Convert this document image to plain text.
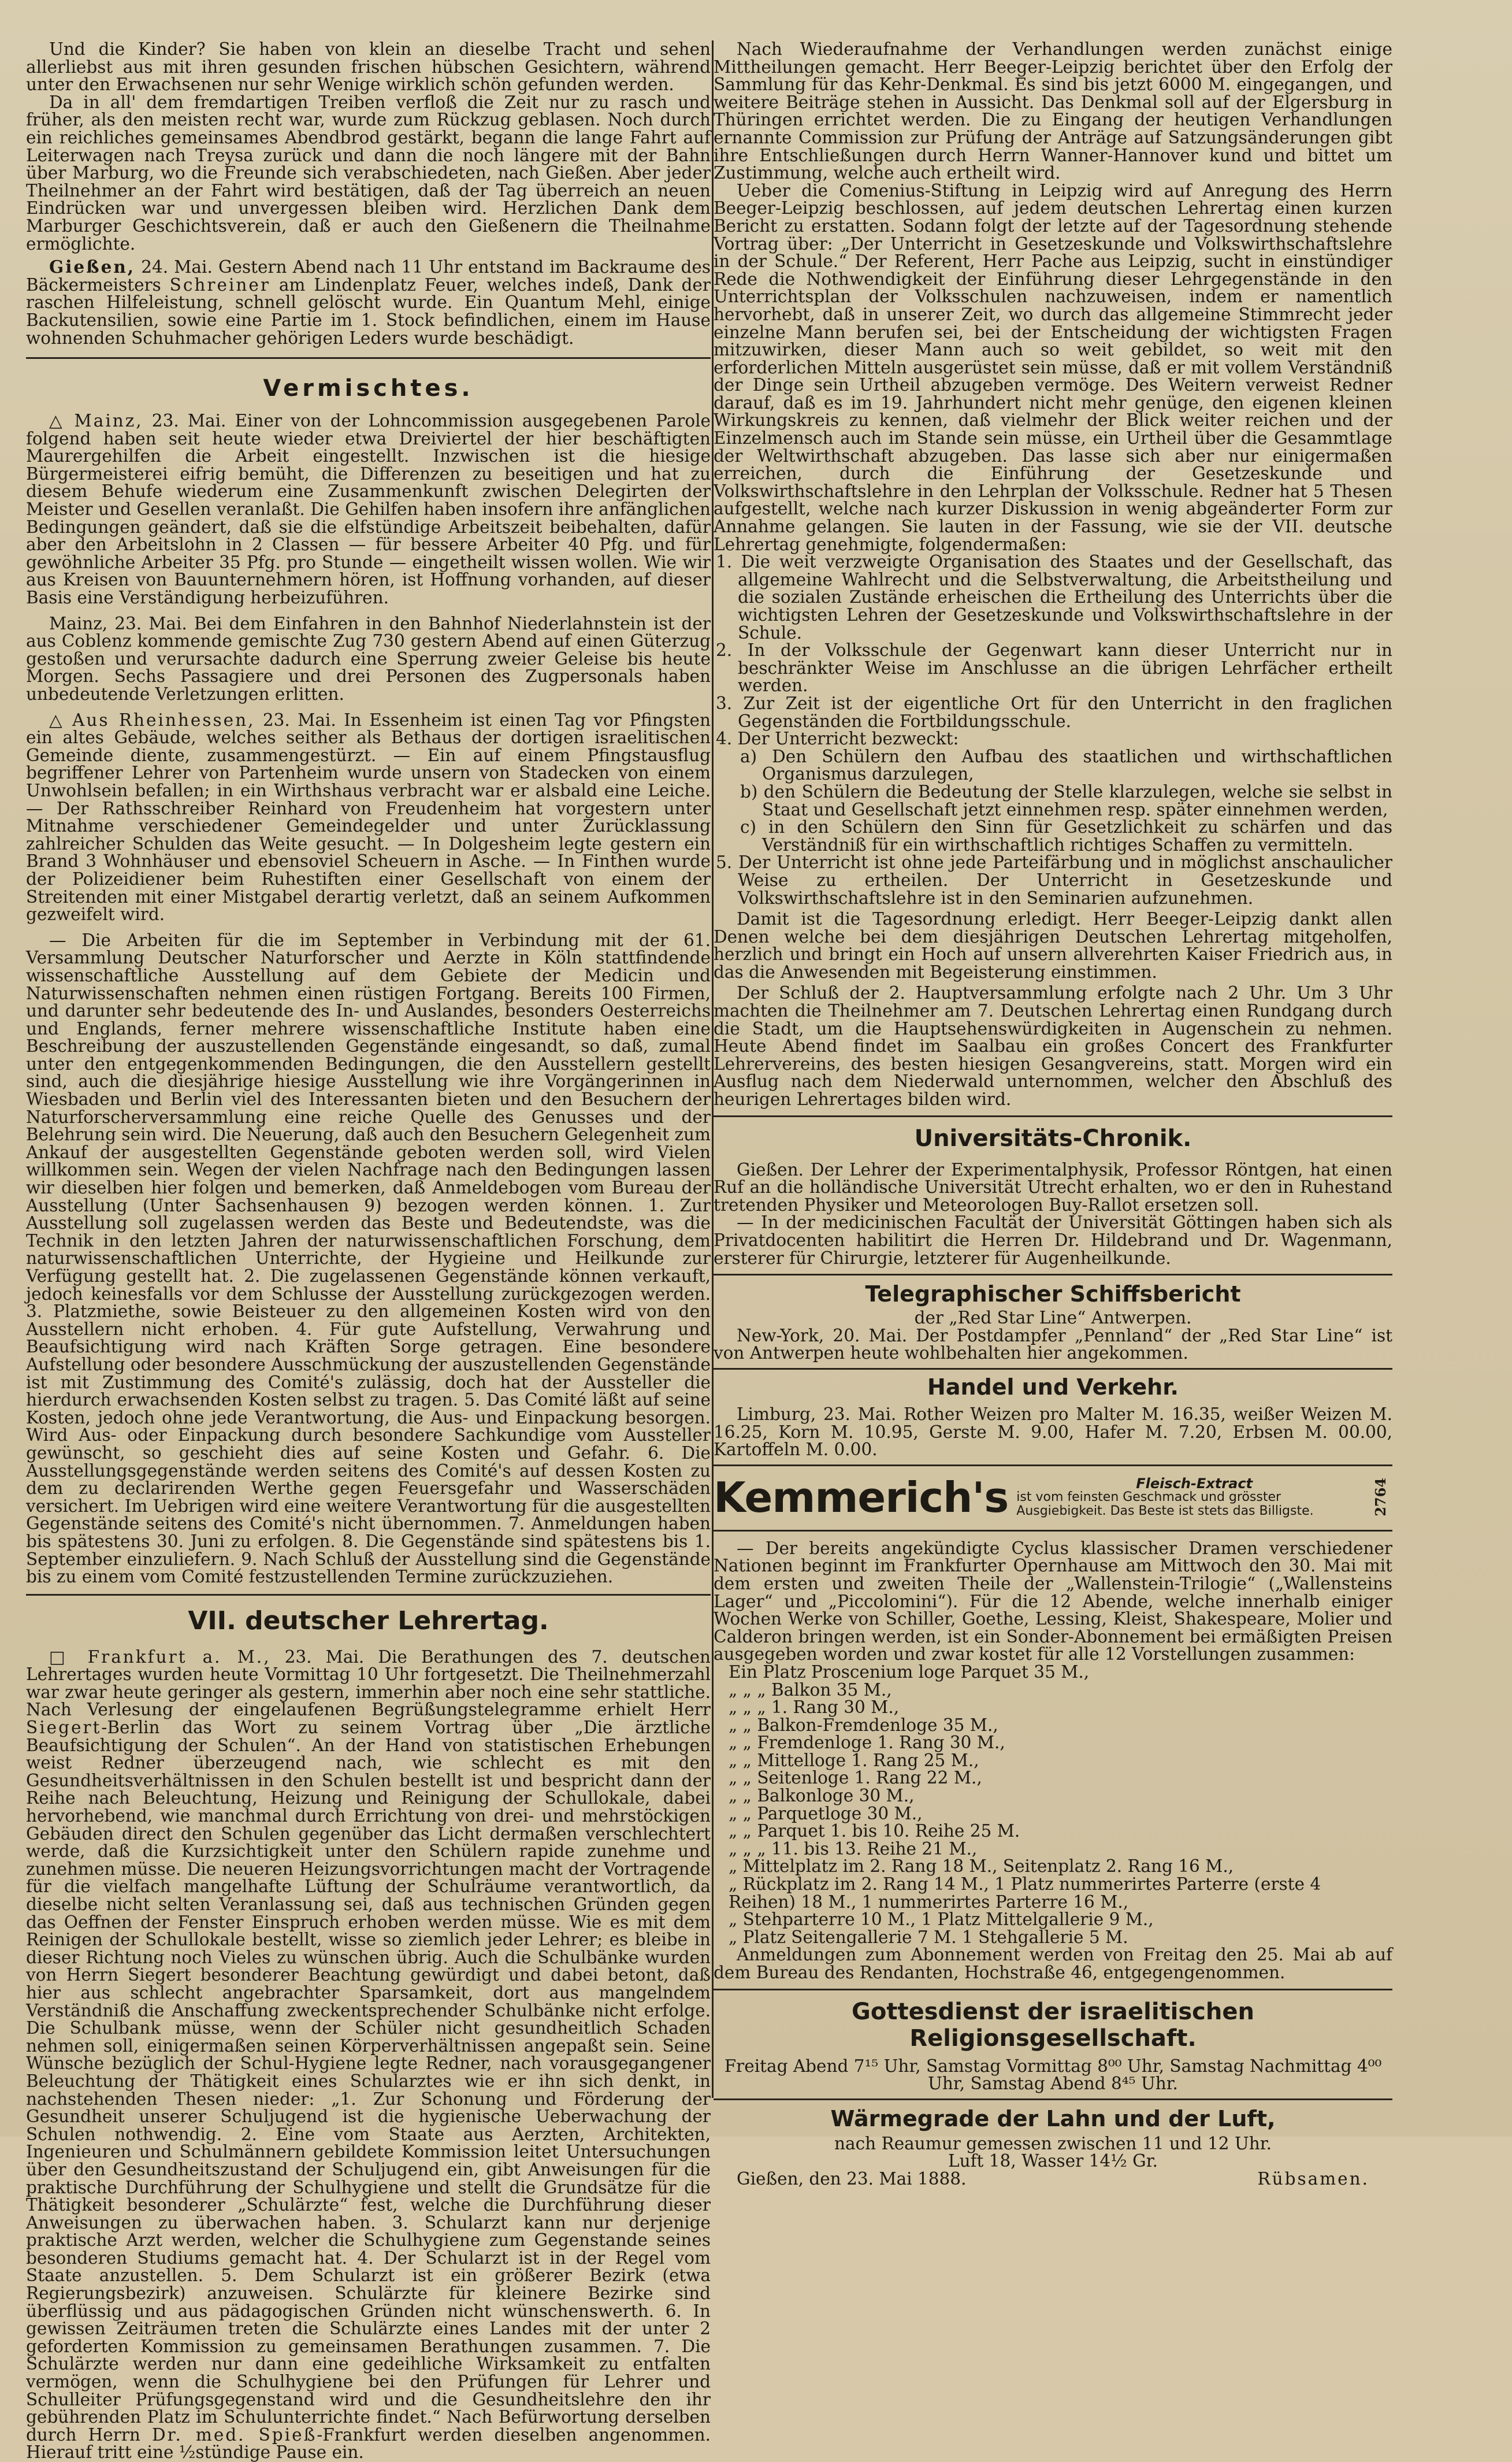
Und die Kinder? Sie haben von klein an dieselbe Tracht und sehen allerliebst aus mit ihren gesunden frischen hübschen Gesichtern, während unter den Erwachsenen nur sehr Wenige wirklich schön gefunden werden.

Da in all' dem fremdartigen Treiben verfloß die Zeit nur zu rasch und früher, als den meisten recht war, wurde zum Rückzug geblasen. Noch durch ein reichliches gemeinsames Abendbrod gestärkt, begann die lange Fahrt auf Leiterwagen nach Treysa zurück und dann die noch längere mit der Bahn über Marburg, wo die Freunde sich verabschiedeten, nach Gießen. Aber jeder Theilnehmer an der Fahrt wird bestätigen, daß der Tag überreich an neuen Eindrücken war und unvergessen bleiben wird. Herzlichen Dank dem Marburger Geschichtsverein, daß er auch den Gießenern die Theilnahme ermöglichte.

Gießen, 24. Mai. Gestern Abend nach 11 Uhr entstand im Backraume des Bäckermeisters Schreiner am Lindenplatz Feuer, welches indeß, Dank der raschen Hilfeleistung, schnell gelöscht wurde. Ein Quantum Mehl, einige Backutensilien, sowie eine Partie im 1. Stock befindlichen, einem im Hause wohnenden Schuhmacher gehörigen Leders wurde beschädigt.

Vermischtes.

△ Mainz, 23. Mai. Einer von der Lohncommission ausgegebenen Parole folgend haben seit heute wieder etwa Dreiviertel der hier beschäftigten Maurergehilfen die Arbeit eingestellt. Inzwischen ist die hiesige Bürgermeisterei eifrig bemüht, die Differenzen zu beseitigen und hat zu diesem Behufe wiederum eine Zusammenkunft zwischen Delegirten der Meister und Gesellen veranlaßt. Die Gehilfen haben insofern ihre anfänglichen Bedingungen geändert, daß sie die elfstündige Arbeitszeit beibehalten, dafür aber den Arbeitslohn in 2 Classen — für bessere Arbeiter 40 Pfg. und für gewöhnliche Arbeiter 35 Pfg. pro Stunde — eingetheilt wissen wollen. Wie wir aus Kreisen von Bauunternehmern hören, ist Hoffnung vorhanden, auf dieser Basis eine Verständigung herbeizuführen.

Mainz, 23. Mai. Bei dem Einfahren in den Bahnhof Niederlahnstein ist der aus Coblenz kommende gemischte Zug 730 gestern Abend auf einen Güterzug gestoßen und verursachte dadurch eine Sperrung zweier Geleise bis heute Morgen. Sechs Passagiere und drei Personen des Zugpersonals haben unbedeutende Verletzungen erlitten.

△ Aus Rheinhessen, 23. Mai. In Essenheim ist einen Tag vor Pfingsten ein altes Gebäude, welches seither als Bethaus der dortigen israelitischen Gemeinde diente, zusammengestürzt. — Ein auf einem Pfingstausflug begriffener Lehrer von Partenheim wurde unsern von Stadecken von einem Unwohlsein befallen; in ein Wirthshaus verbracht war er alsbald eine Leiche. — Der Rathsschreiber Reinhard von Freudenheim hat vorgestern unter Mitnahme verschiedener Gemeindegelder und unter Zurücklassung zahlreicher Schulden das Weite gesucht. — In Dolgesheim legte gestern ein Brand 3 Wohnhäuser und ebensoviel Scheuern in Asche. — In Finthen wurde der Polizeidiener beim Ruhestiften einer Gesellschaft von einem der Streitenden mit einer Mistgabel derartig verletzt, daß an seinem Aufkommen gezweifelt wird.

— Die Arbeiten für die im September in Verbindung mit der 61. Versammlung Deutscher Naturforscher und Aerzte in Köln stattfindende wissenschaftliche Ausstellung auf dem Gebiete der Medicin und Naturwissenschaften nehmen einen rüstigen Fortgang. Bereits 100 Firmen, und darunter sehr bedeutende des In- und Auslandes, besonders Oesterreichs und Englands, ferner mehrere wissenschaftliche Institute haben eine Beschreibung der auszustellenden Gegenstände eingesandt, so daß, zumal unter den entgegenkommenden Bedingungen, die den Ausstellern gestellt sind, auch die diesjährige hiesige Ausstellung wie ihre Vorgängerinnen in Wiesbaden und Berlin viel des Interessanten bieten und den Besuchern der Naturforscherversammlung eine reiche Quelle des Genusses und der Belehrung sein wird. Die Neuerung, daß auch den Besuchern Gelegenheit zum Ankauf der ausgestellten Gegenstände geboten werden soll, wird Vielen willkommen sein. Wegen der vielen Nachfrage nach den Bedingungen lassen wir dieselben hier folgen und bemerken, daß Anmeldebogen vom Bureau der Ausstellung (Unter Sachsenhausen 9) bezogen werden können. 1. Zur Ausstellung soll zugelassen werden das Beste und Bedeutendste, was die Technik in den letzten Jahren der naturwissenschaftlichen Forschung, dem naturwissenschaftlichen Unterrichte, der Hygieine und Heilkunde zur Verfügung gestellt hat. 2. Die zugelassenen Gegenstände können verkauft, jedoch keinesfalls vor dem Schlusse der Ausstellung zurückgezogen werden. 3. Platzmiethe, sowie Beisteuer zu den allgemeinen Kosten wird von den Ausstellern nicht erhoben. 4. Für gute Aufstellung, Verwahrung und Beaufsichtigung wird nach Kräften Sorge getragen. Eine besondere Aufstellung oder besondere Ausschmückung der auszustellenden Gegenstände ist mit Zustimmung des Comité's zulässig, doch hat der Aussteller die hierdurch erwachsenden Kosten selbst zu tragen. 5. Das Comité läßt auf seine Kosten, jedoch ohne jede Verantwortung, die Aus- und Einpackung besorgen. Wird Aus- oder Einpackung durch besondere Sachkundige vom Aussteller gewünscht, so geschieht dies auf seine Kosten und Gefahr. 6. Die Ausstellungsgegenstände werden seitens des Comité's auf dessen Kosten zu dem zu declarirenden Werthe gegen Feuersgefahr und Wasserschäden versichert. Im Uebrigen wird eine weitere Verantwortung für die ausgestellten Gegenstände seitens des Comité's nicht übernommen. 7. Anmeldungen haben bis spätestens 30. Juni zu erfolgen. 8. Die Gegenstände sind spätestens bis 1. September einzuliefern. 9. Nach Schluß der Ausstellung sind die Gegenstände bis zu einem vom Comité festzustellenden Termine zurückzuziehen.

VII. deutscher Lehrertag.

□ Frankfurt a. M., 23. Mai. Die Berathungen des 7. deutschen Lehrertages wurden heute Vormittag 10 Uhr fortgesetzt. Die Theilnehmerzahl war zwar heute geringer als gestern, immerhin aber noch eine sehr stattliche. Nach Verlesung der eingelaufenen Begrüßungstelegramme erhielt Herr Siegert-Berlin das Wort zu seinem Vortrag über „Die ärztliche Beaufsichtigung der Schulen“. An der Hand von statistischen Erhebungen weist Redner überzeugend nach, wie schlecht es mit den Gesundheitsverhältnissen in den Schulen bestellt ist und bespricht dann der Reihe nach Beleuchtung, Heizung und Reinigung der Schullokale, dabei hervorhebend, wie manchmal durch Errichtung von drei- und mehrstöckigen Gebäuden direct den Schulen gegenüber das Licht dermaßen verschlechtert werde, daß die Kurzsichtigkeit unter den Schülern rapide zunehme und zunehmen müsse. Die neueren Heizungsvorrichtungen macht der Vortragende für die vielfach mangelhafte Lüftung der Schulräume verantwortlich, da dieselbe nicht selten Veranlassung sei, daß aus technischen Gründen gegen das Oeffnen der Fenster Einspruch erhoben werden müsse. Wie es mit dem Reinigen der Schullokale bestellt, wisse so ziemlich jeder Lehrer; es bleibe in dieser Richtung noch Vieles zu wünschen übrig. Auch die Schulbänke wurden von Herrn Siegert besonderer Beachtung gewürdigt und dabei betont, daß hier aus schlecht angebrachter Sparsamkeit, dort aus mangelndem Verständniß die Anschaffung zweckentsprechender Schulbänke nicht erfolge. Die Schulbank müsse, wenn der Schüler nicht gesundheitlich Schaden nehmen soll, einigermaßen seinen Körperverhältnissen angepaßt sein. Seine Wünsche bezüglich der Schul-Hygiene legte Redner, nach vorausgegangener Beleuchtung der Thätigkeit eines Schularztes wie er ihn sich denkt, in nachstehenden Thesen nieder: „1. Zur Schonung und Förderung der Gesundheit unserer Schuljugend ist die hygienische Ueberwachung der Schulen nothwendig. 2. Eine vom Staate aus Aerzten, Architekten, Ingenieuren und Schulmännern gebildete Kommission leitet Untersuchungen über den Gesundheitszustand der Schuljugend ein, gibt Anweisungen für die praktische Durchführung der Schulhygiene und stellt die Grundsätze für die Thätigkeit besonderer „Schulärzte“ fest, welche die Durchführung dieser Anweisungen zu überwachen haben. 3. Schularzt kann nur derjenige praktische Arzt werden, welcher die Schulhygiene zum Gegenstande seines besonderen Studiums gemacht hat. 4. Der Schularzt ist in der Regel vom Staate anzustellen. 5. Dem Schularzt ist ein größerer Bezirk (etwa Regierungsbezirk) anzuweisen. Schulärzte für kleinere Bezirke sind überflüssig und aus pädagogischen Gründen nicht wünschenswerth. 6. In gewissen Zeiträumen treten die Schulärzte eines Landes mit der unter 2 geforderten Kommission zu gemeinsamen Berathungen zusammen. 7. Die Schulärzte werden nur dann eine gedeihliche Wirksamkeit zu entfalten vermögen, wenn die Schulhygiene bei den Prüfungen für Lehrer und Schulleiter Prüfungsgegenstand wird und die Gesundheitslehre den ihr gebührenden Platz im Schulunterrichte findet.“ Nach Befürwortung derselben durch Herrn Dr. med. Spieß-Frankfurt werden dieselben angenommen. Hierauf tritt eine ½stündige Pause ein.

Nach Wiederaufnahme der Verhandlungen werden zunächst einige Mittheilungen gemacht. Herr Beeger-Leipzig berichtet über den Erfolg der Sammlung für das Kehr-Denkmal. Es sind bis jetzt 6000 M. eingegangen, und weitere Beiträge stehen in Aussicht. Das Denkmal soll auf der Elgersburg in Thüringen errichtet werden. Die zu Eingang der heutigen Verhandlungen ernannte Commission zur Prüfung der Anträge auf Satzungsänderungen gibt ihre Entschließungen durch Herrn Wanner-Hannover kund und bittet um Zustimmung, welche auch ertheilt wird.

Ueber die Comenius-Stiftung in Leipzig wird auf Anregung des Herrn Beeger-Leipzig beschlossen, auf jedem deutschen Lehrertag einen kurzen Bericht zu erstatten. Sodann folgt der letzte auf der Tagesordnung stehende Vortrag über: „Der Unterricht in Gesetzeskunde und Volkswirthschaftslehre in der Schule.“ Der Referent, Herr Pache aus Leipzig, sucht in einstündiger Rede die Nothwendigkeit der Einführung dieser Lehrgegenstände in den Unterrichtsplan der Volksschulen nachzuweisen, indem er namentlich hervorhebt, daß in unserer Zeit, wo durch das allgemeine Stimmrecht jeder einzelne Mann berufen sei, bei der Entscheidung der wichtigsten Fragen mitzuwirken, dieser Mann auch so weit gebildet, so weit mit den erforderlichen Mitteln ausgerüstet sein müsse, daß er mit vollem Verständniß der Dinge sein Urtheil abzugeben vermöge. Des Weitern verweist Redner darauf, daß es im 19. Jahrhundert nicht mehr genüge, den eigenen kleinen Wirkungskreis zu kennen, daß vielmehr der Blick weiter reichen und der Einzelmensch auch im Stande sein müsse, ein Urtheil über die Gesammtlage der Weltwirthschaft abzugeben. Das lasse sich aber nur einigermaßen erreichen, durch die Einführung der Gesetzeskunde und Volkswirthschaftslehre in den Lehrplan der Volksschule. Redner hat 5 Thesen aufgestellt, welche nach kurzer Diskussion in wenig abgeänderter Form zur Annahme gelangen. Sie lauten in der Fassung, wie sie der VII. deutsche Lehrertag genehmigte, folgendermaßen:

1. Die weit verzweigte Organisation des Staates und der Gesellschaft, das allgemeine Wahlrecht und die Selbstverwaltung, die Arbeitstheilung und die sozialen Zustände erheischen die Ertheilung des Unterrichts über die wichtigsten Lehren der Gesetzeskunde und Volkswirthschaftslehre in der Schule.
2. In der Volksschule der Gegenwart kann dieser Unterricht nur in beschränkter Weise im Anschlusse an die übrigen Lehrfächer ertheilt werden.
3. Zur Zeit ist der eigentliche Ort für den Unterricht in den fraglichen Gegenständen die Fortbildungsschule.
4. Der Unterricht bezweckt:
a) Den Schülern den Aufbau des staatlichen und wirthschaftlichen Organismus darzulegen,
b) den Schülern die Bedeutung der Stelle klarzulegen, welche sie selbst in Staat und Gesellschaft jetzt einnehmen resp. später einnehmen werden,
c) in den Schülern den Sinn für Gesetzlichkeit zu schärfen und das Verständniß für ein wirthschaftlich richtiges Schaffen zu vermitteln.
5. Der Unterricht ist ohne jede Parteifärbung und in möglichst anschaulicher Weise zu ertheilen. Der Unterricht in Gesetzeskunde und Volkswirthschaftslehre ist in den Seminarien aufzunehmen.

Damit ist die Tagesordnung erledigt. Herr Beeger-Leipzig dankt allen Denen welche bei dem diesjährigen Deutschen Lehrertag mitgeholfen, herzlich und bringt ein Hoch auf unsern allverehrten Kaiser Friedrich aus, in das die Anwesenden mit Begeisterung einstimmen.

Der Schluß der 2. Hauptversammlung erfolgte nach 2 Uhr. Um 3 Uhr machten die Theilnehmer am 7. Deutschen Lehrertag einen Rundgang durch die Stadt, um die Hauptsehenswürdigkeiten in Augenschein zu nehmen. Heute Abend findet im Saalbau ein großes Concert des Frankfurter Lehrervereins, des besten hiesigen Gesangvereins, statt. Morgen wird ein Ausflug nach dem Niederwald unternommen, welcher den Abschluß des heurigen Lehrertages bilden wird.

Universitäts-Chronik.

Gießen. Der Lehrer der Experimentalphysik, Professor Röntgen, hat einen Ruf an die holländische Universität Utrecht erhalten, wo er den in Ruhestand tretenden Physiker und Meteorologen Buy-Rallot ersetzen soll.

— In der medicinischen Facultät der Universität Göttingen haben sich als Privatdocenten habilitirt die Herren Dr. Hildebrand und Dr. Wagenmann, ersterer für Chirurgie, letzterer für Augenheilkunde.

Telegraphischer Schiffsbericht

der „Red Star Line“ Antwerpen.

New-York, 20. Mai. Der Postdampfer „Pennland“ der „Red Star Line“ ist von Antwerpen heute wohlbehalten hier angekommen.

Handel und Verkehr.

Limburg, 23. Mai. Rother Weizen pro Malter M. 16.35, weißer Weizen M. 16.25, Korn M. 10.95, Gerste M. 9.00, Hafer M. 7.20, Erbsen M. 00.00, Kartoffeln M. 0.00.

Kemmerich's	Fleisch-Extract
ist vom feinsten Geschmack und grösster Ausgiebigkeit. Das Beste ist stets das Billigste.	2764

— Der bereits angekündigte Cyclus klassischer Dramen verschiedener Nationen beginnt im Frankfurter Opernhause am Mittwoch den 30. Mai mit dem ersten und zweiten Theile der „Wallenstein-Trilogie“ („Wallensteins Lager“ und „Piccolomini“). Für die 12 Abende, welche innerhalb einiger Wochen Werke von Schiller, Goethe, Lessing, Kleist, Shakespeare, Molier und Calderon bringen werden, ist ein Sonder-Abonnement bei ermäßigten Preisen ausgegeben worden und zwar kostet für alle 12 Vorstellungen zusammen:

Ein Platz Proscenium loge Parquet 35 M.,
„ „ „ Balkon 35 M.,
„ „ „ 1. Rang 30 M.,
„ „ Balkon-Fremdenloge 35 M.,
„ „ Fremdenloge 1. Rang 30 M.,
„ „ Mittelloge 1. Rang 25 M.,
„ „ Seitenloge 1. Rang 22 M.,
„ „ Balkonloge 30 M.,
„ „ Parquetloge 30 M.,
„ „ Parquet 1. bis 10. Reihe 25 M.
„ „ „ 11. bis 13. Reihe 21 M.,
„ Mittelplatz im 2. Rang 18 M., Seitenplatz 2. Rang 16 M.,
„ Rückplatz im 2. Rang 14 M., 1 Platz nummerirtes Parterre (erste 4 Reihen) 18 M., 1 nummerirtes Parterre 16 M.,
„ Stehparterre 10 M., 1 Platz Mittelgallerie 9 M.,
„ Platz Seitengallerie 7 M. 1 Stehgallerie 5 M.

Anmeldungen zum Abonnement werden von Freitag den 25. Mai ab auf dem Bureau des Rendanten, Hochstraße 46, entgegengenommen.

Gottesdienst der israelitischen Religionsgesellschaft.

Freitag Abend 7¹⁵ Uhr, Samstag Vormittag 8⁰⁰ Uhr, Samstag Nachmittag 4⁰⁰ Uhr, Samstag Abend 8⁴⁵ Uhr.

Wärmegrade der Lahn und der Luft,

nach Reaumur gemessen zwischen 11 und 12 Uhr.

Luft 18, Wasser 14½ Gr.

Gießen, den 23. Mai 1888.	Rübsamen.
